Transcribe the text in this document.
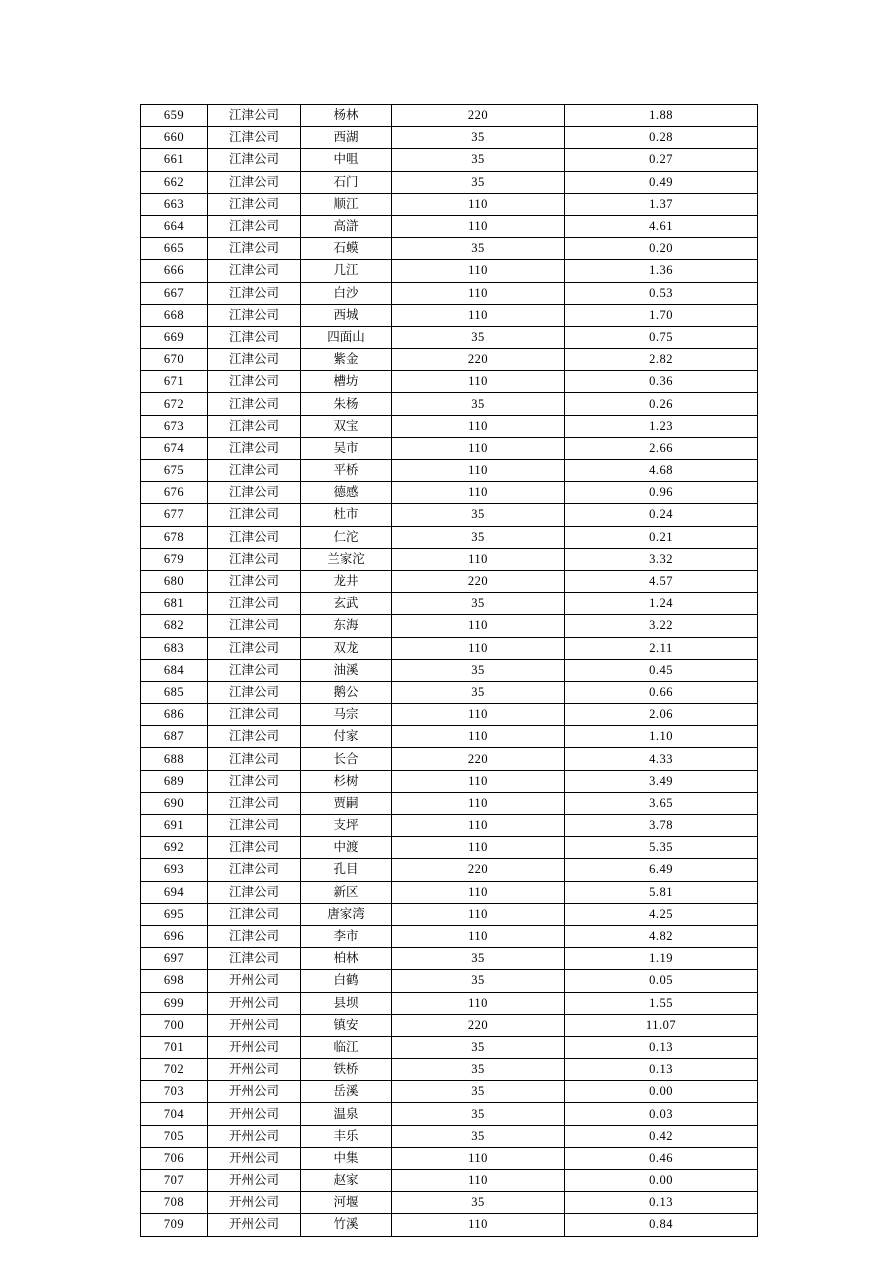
659	江津公司	杨林	220	1.88
660	江津公司	西湖	35	0.28
661	江津公司	中咀	35	0.27
662	江津公司	石门	35	0.49
663	江津公司	顺江	110	1.37
664	江津公司	高滸	110	4.61
665	江津公司	石蟆	35	0.20
666	江津公司	几江	110	1.36
667	江津公司	白沙	110	0.53
668	江津公司	西城	110	1.70
669	江津公司	四面山	35	0.75
670	江津公司	紫金	220	2.82
671	江津公司	槽坊	110	0.36
672	江津公司	朱杨	35	0.26
673	江津公司	双宝	110	1.23
674	江津公司	吴市	110	2.66
675	江津公司	平桥	110	4.68
676	江津公司	德感	110	0.96
677	江津公司	杜市	35	0.24
678	江津公司	仁沱	35	0.21
679	江津公司	兰家沱	110	3.32
680	江津公司	龙井	220	4.57
681	江津公司	玄武	35	1.24
682	江津公司	东海	110	3.22
683	江津公司	双龙	110	2.11
684	江津公司	油溪	35	0.45
685	江津公司	鹅公	35	0.66
686	江津公司	马宗	110	2.06
687	江津公司	付家	110	1.10
688	江津公司	长合	220	4.33
689	江津公司	杉树	110	3.49
690	江津公司	贾嗣	110	3.65
691	江津公司	支坪	110	3.78
692	江津公司	中渡	110	5.35
693	江津公司	孔目	220	6.49
694	江津公司	新区	110	5.81
695	江津公司	唐家湾	110	4.25
696	江津公司	李市	110	4.82
697	江津公司	柏林	35	1.19
698	开州公司	白鹤	35	0.05
699	开州公司	县坝	110	1.55
700	开州公司	镇安	220	11.07
701	开州公司	临江	35	0.13
702	开州公司	铁桥	35	0.13
703	开州公司	岳溪	35	0.00
704	开州公司	温泉	35	0.03
705	开州公司	丰乐	35	0.42
706	开州公司	中集	110	0.46
707	开州公司	赵家	110	0.00
708	开州公司	河堰	35	0.13
709	开州公司	竹溪	110	0.84
